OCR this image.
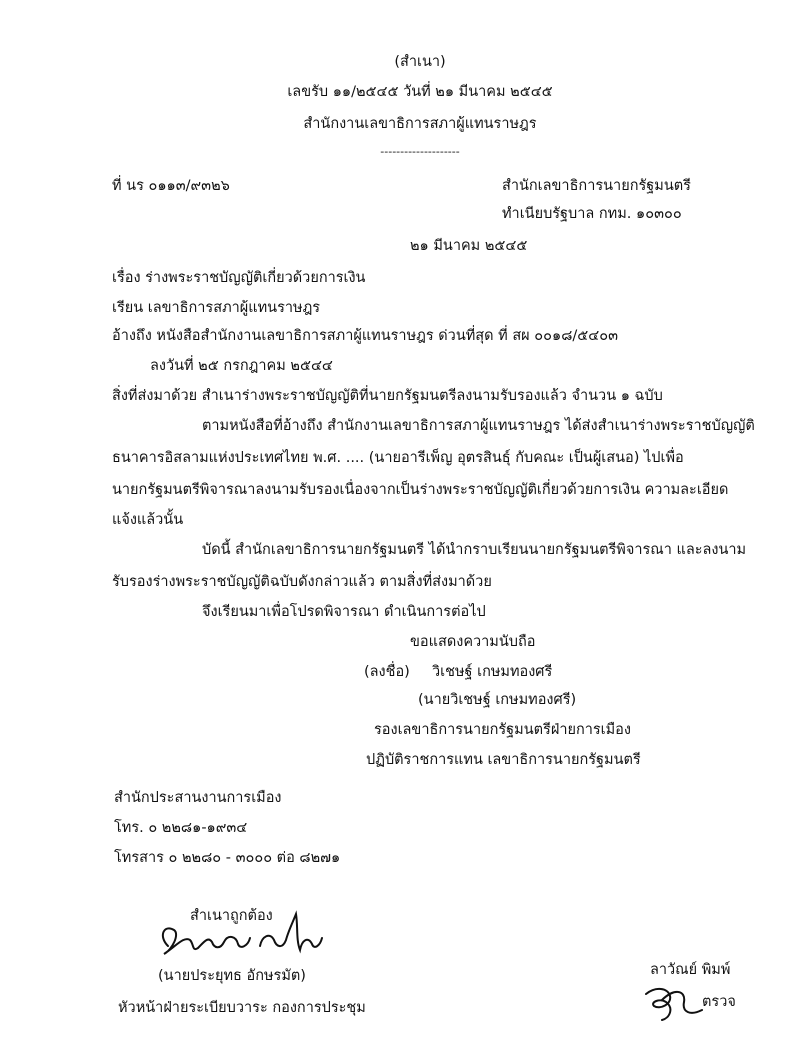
(สำเนา)
เลขรับ ๑๑/๒๕๔๕ วันที่ ๒๑ มีนาคม ๒๕๔๕
สำนักงานเลขาธิการสภาผู้แทนราษฎร
--------------------
ที่ นร ๐๑๑๓/๙๓๒๖	สำนักเลขาธิการนายกรัฐมนตรี
ทำเนียบรัฐบาล กทม. ๑๐๓๐๐
๒๑ มีนาคม ๒๕๔๕
เรื่อง ร่างพระราชบัญญัติเกี่ยวด้วยการเงิน
เรียน เลขาธิการสภาผู้แทนราษฎร
อ้างถึง หนังสือสำนักงานเลขาธิการสภาผู้แทนราษฎร ด่วนที่สุด ที่ สผ ๐๐๑๘/๕๔๐๓
ลงวันที่ ๒๕ กรกฎาคม ๒๕๔๔
สิ่งที่ส่งมาด้วย สำเนาร่างพระราชบัญญัติที่นายกรัฐมนตรีลงนามรับรองแล้ว จำนวน ๑ ฉบับ
ตามหนังสือที่อ้างถึง สำนักงานเลขาธิการสภาผู้แทนราษฎร ได้ส่งสำเนาร่างพระราชบัญญัติ
ธนาคารอิสลามแห่งประเทศไทย พ.ศ. .... (นายอารีเพ็ญ อุตรสินธุ์ กับคณะ เป็นผู้เสนอ) ไปเพื่อ
นายกรัฐมนตรีพิจารณาลงนามรับรองเนื่องจากเป็นร่างพระราชบัญญัติเกี่ยวด้วยการเงิน ความละเอียด
แจ้งแล้วนั้น
บัดนี้ สำนักเลขาธิการนายกรัฐมนตรี ได้นำกราบเรียนนายกรัฐมนตรีพิจารณา และลงนาม
รับรองร่างพระราชบัญญัติฉบับดังกล่าวแล้ว ตามสิ่งที่ส่งมาด้วย
จึงเรียนมาเพื่อโปรดพิจารณา ดำเนินการต่อไป
ขอแสดงความนับถือ
(ลงชื่อ) วิเชษฐ์ เกษมทองศรี
(นายวิเชษฐ์ เกษมทองศรี)
รองเลขาธิการนายกรัฐมนตรีฝ่ายการเมือง
ปฏิบัติราชการแทน เลขาธิการนายกรัฐมนตรี
สำนักประสานงานการเมือง
โทร. ๐ ๒๒๘๑-๑๙๓๔
โทรสาร ๐ ๒๒๘๐ - ๓๐๐๐ ต่อ ๘๒๗๑
สำเนาถูกต้อง
(นายประยุทธ อักษรมัต)
หัวหน้าฝ่ายระเบียบวาระ กองการประชุม
ลาวัณย์ พิมพ์
ตรวจ
